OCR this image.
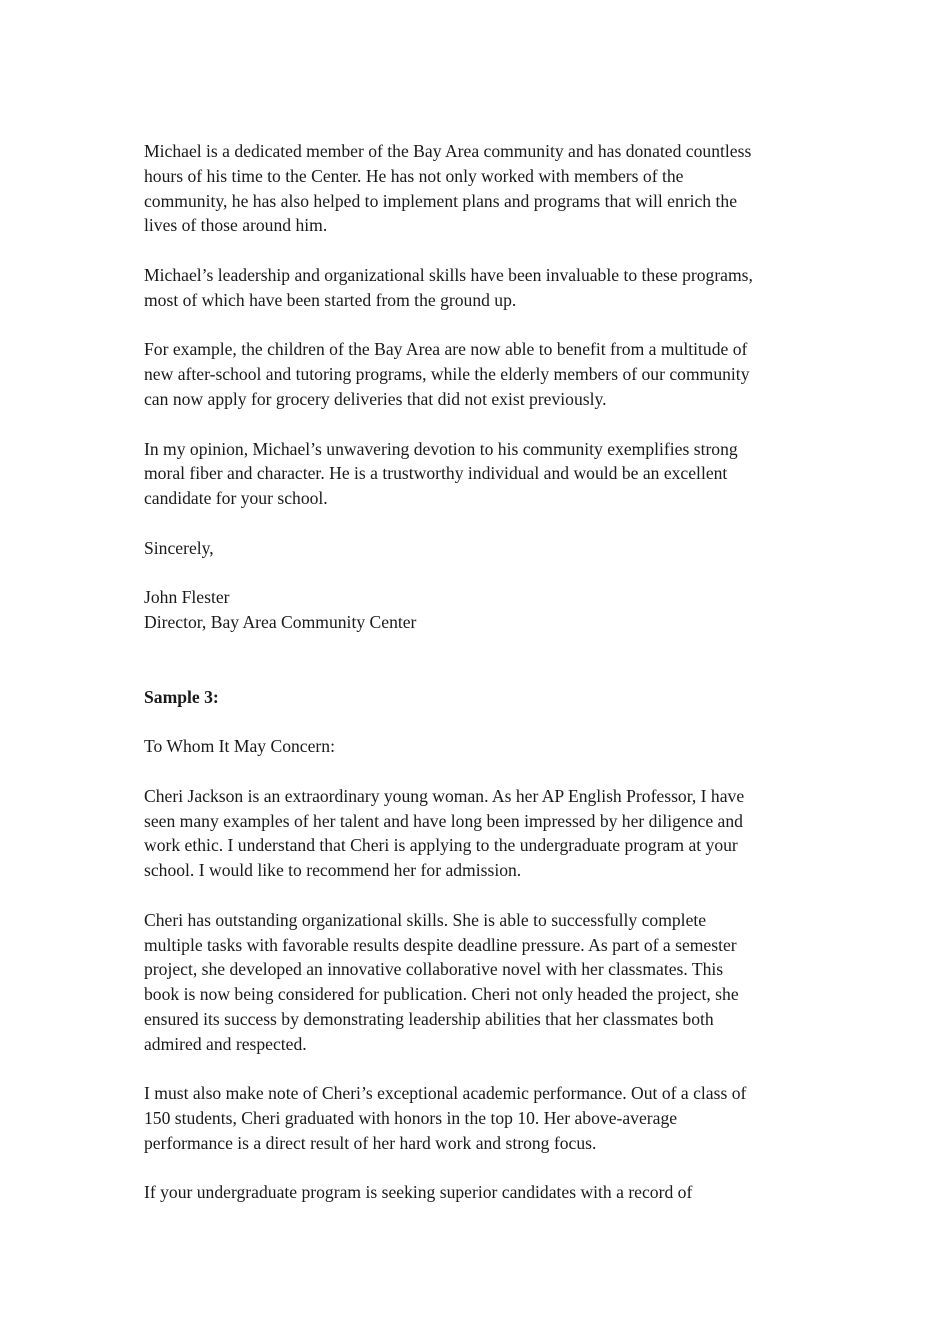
Michael is a dedicated member of the Bay Area community and has donated countless
hours of his time to the Center. He has not only worked with members of the
community, he has also helped to implement plans and programs that will enrich the
lives of those around him.
Michael’s leadership and organizational skills have been invaluable to these programs,
most of which have been started from the ground up.
For example, the children of the Bay Area are now able to benefit from a multitude of
new after-school and tutoring programs, while the elderly members of our community
can now apply for grocery deliveries that did not exist previously.
In my opinion, Michael’s unwavering devotion to his community exemplifies strong
moral fiber and character. He is a trustworthy individual and would be an excellent
candidate for your school.
Sincerely,
John Flester
Director, Bay Area Community Center
Sample 3:
To Whom It May Concern:
Cheri Jackson is an extraordinary young woman. As her AP English Professor, I have
seen many examples of her talent and have long been impressed by her diligence and
work ethic. I understand that Cheri is applying to the undergraduate program at your
school. I would like to recommend her for admission.
Cheri has outstanding organizational skills. She is able to successfully complete
multiple tasks with favorable results despite deadline pressure. As part of a semester
project, she developed an innovative collaborative novel with her classmates. This
book is now being considered for publication. Cheri not only headed the project, she
ensured its success by demonstrating leadership abilities that her classmates both
admired and respected.
I must also make note of Cheri’s exceptional academic performance. Out of a class of
150 students, Cheri graduated with honors in the top 10. Her above-average
performance is a direct result of her hard work and strong focus.
If your undergraduate program is seeking superior candidates with a record of
